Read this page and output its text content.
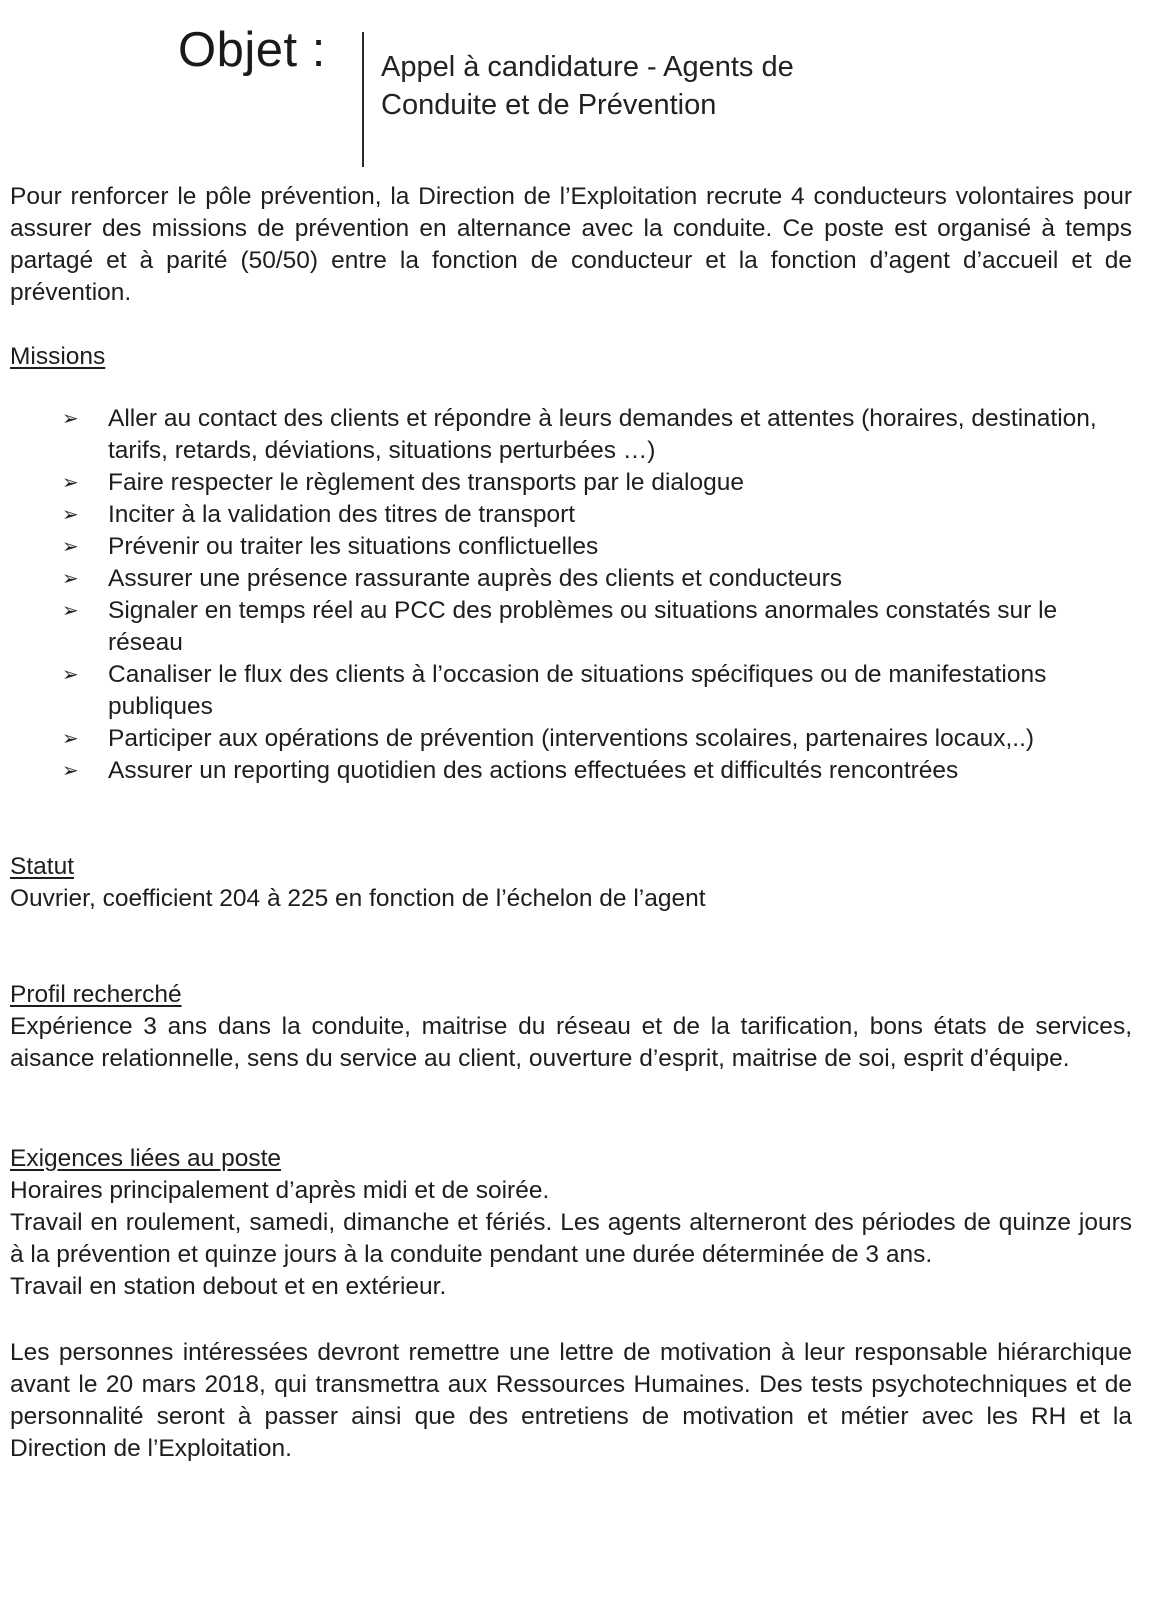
Objet : Appel à candidature - Agents de
Conduite et de Prévention

Pour renforcer le pôle prévention, la Direction de l’Exploitation recrute 4 conducteurs volontaires pour assurer des missions de prévention en alternance avec la conduite. Ce poste est organisé à temps partagé et à parité (50/50) entre la fonction de conducteur et la fonction d’agent d’accueil et de prévention.

Missions

➢ Aller au contact des clients et répondre à leurs demandes et attentes (horaires, destination, tarifs, retards, déviations, situations perturbées …)
➢ Faire respecter le règlement des transports par le dialogue
➢ Inciter à la validation des titres de transport
➢ Prévenir ou traiter les situations conflictuelles
➢ Assurer une présence rassurante auprès des clients et conducteurs
➢ Signaler en temps réel au PCC des problèmes ou situations anormales constatés sur le réseau
➢ Canaliser le flux des clients à l’occasion de situations spécifiques ou de manifestations publiques
➢ Participer aux opérations de prévention (interventions scolaires, partenaires locaux,..)
➢ Assurer un reporting quotidien des actions effectuées et difficultés rencontrées

Statut

Ouvrier, coefficient 204 à 225 en fonction de l’échelon de l’agent

Profil recherché

Expérience 3 ans dans la conduite, maitrise du réseau et de la tarification, bons états de services, aisance relationnelle, sens du service au client, ouverture d’esprit, maitrise de soi, esprit d’équipe.

Exigences liées au poste

Horaires principalement d’après midi et de soirée.

Travail en roulement, samedi, dimanche et fériés. Les agents alterneront des périodes de quinze jours à la prévention et quinze jours à la conduite pendant une durée déterminée de 3 ans.

Travail en station debout et en extérieur.

Les personnes intéressées devront remettre une lettre de motivation à leur responsable hiérarchique avant le 20 mars 2018, qui transmettra aux Ressources Humaines. Des tests psychotechniques et de personnalité seront à passer ainsi que des entretiens de motivation et métier avec les RH et la Direction de l’Exploitation.
